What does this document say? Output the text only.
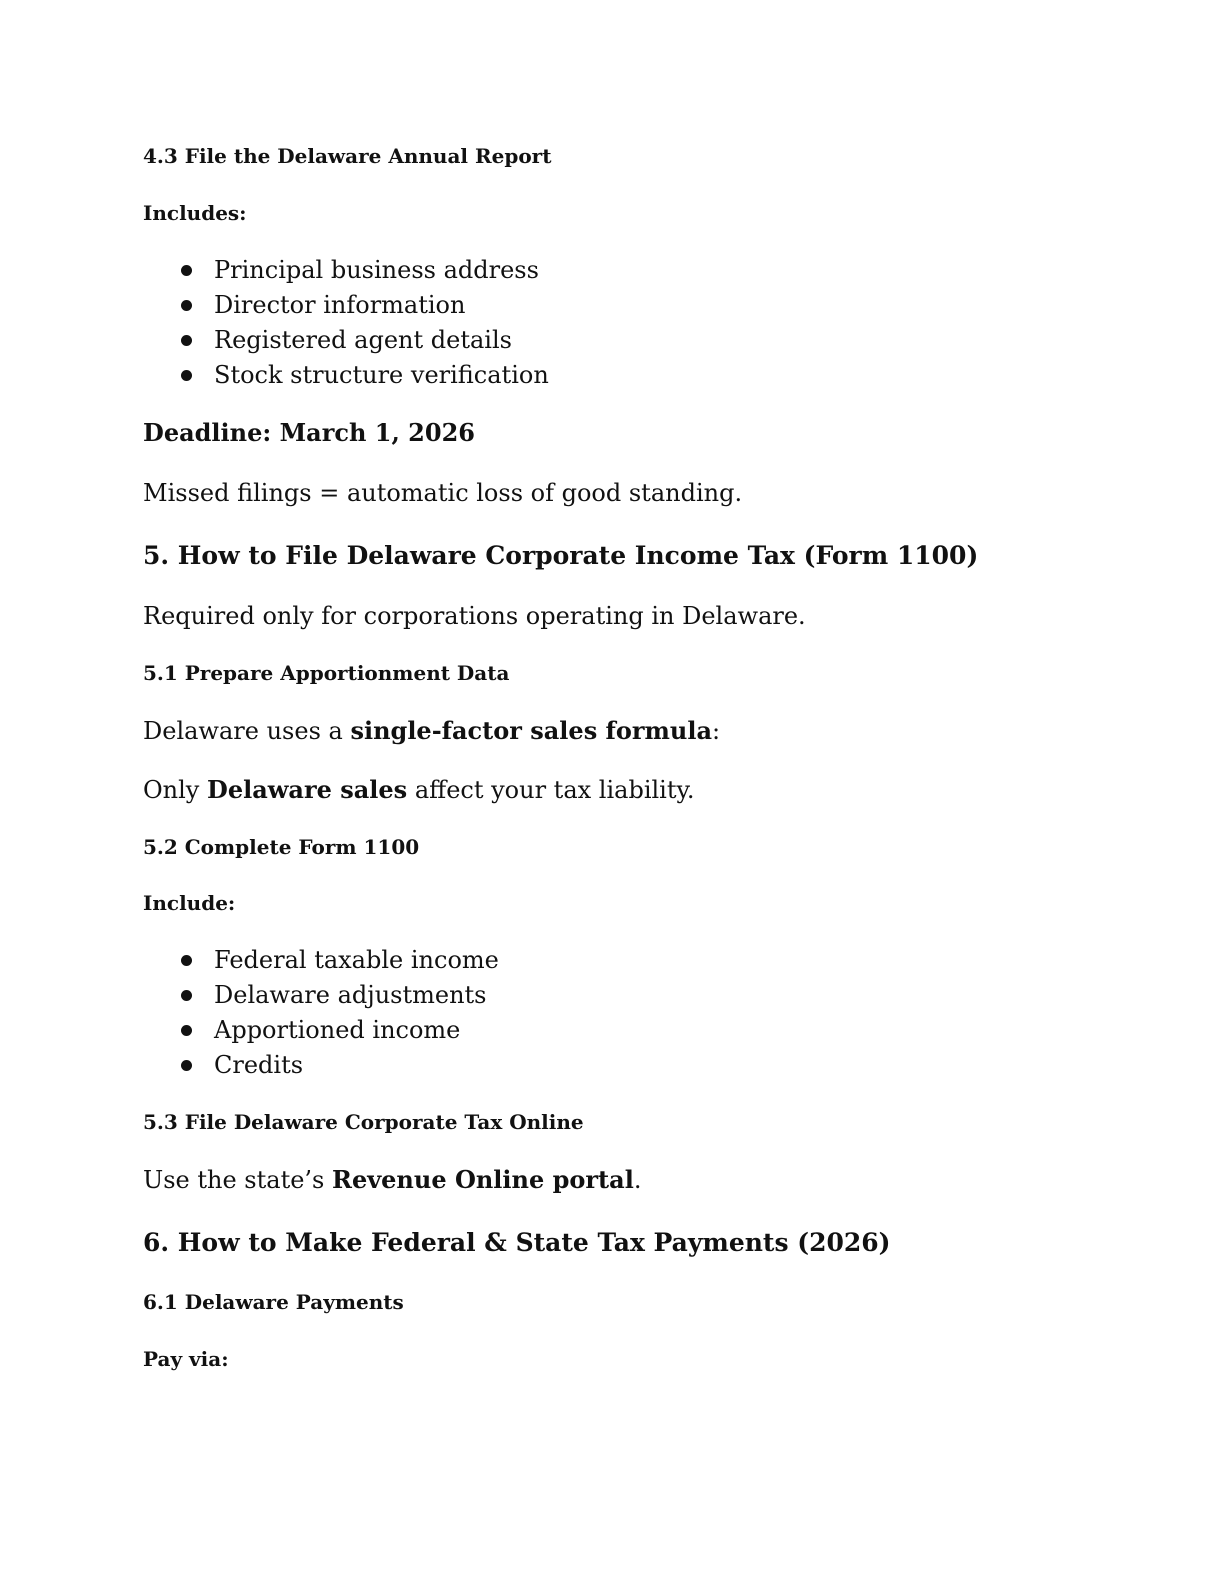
4.3 File the Delaware Annual Report

Includes:

Principal business address
Director information
Registered agent details
Stock structure verification

Deadline: March 1, 2026

Missed filings = automatic loss of good standing.

5. How to File Delaware Corporate Income Tax (Form 1100)

Required only for corporations operating in Delaware.

5.1 Prepare Apportionment Data

Delaware uses a single-factor sales formula:

Only Delaware sales affect your tax liability.

5.2 Complete Form 1100

Include:

Federal taxable income
Delaware adjustments
Apportioned income
Credits
5.3 File Delaware Corporate Tax Online

Use the state’s Revenue Online portal.

6. How to Make Federal & State Tax Payments (2026)
6.1 Delaware Payments

Pay via:
